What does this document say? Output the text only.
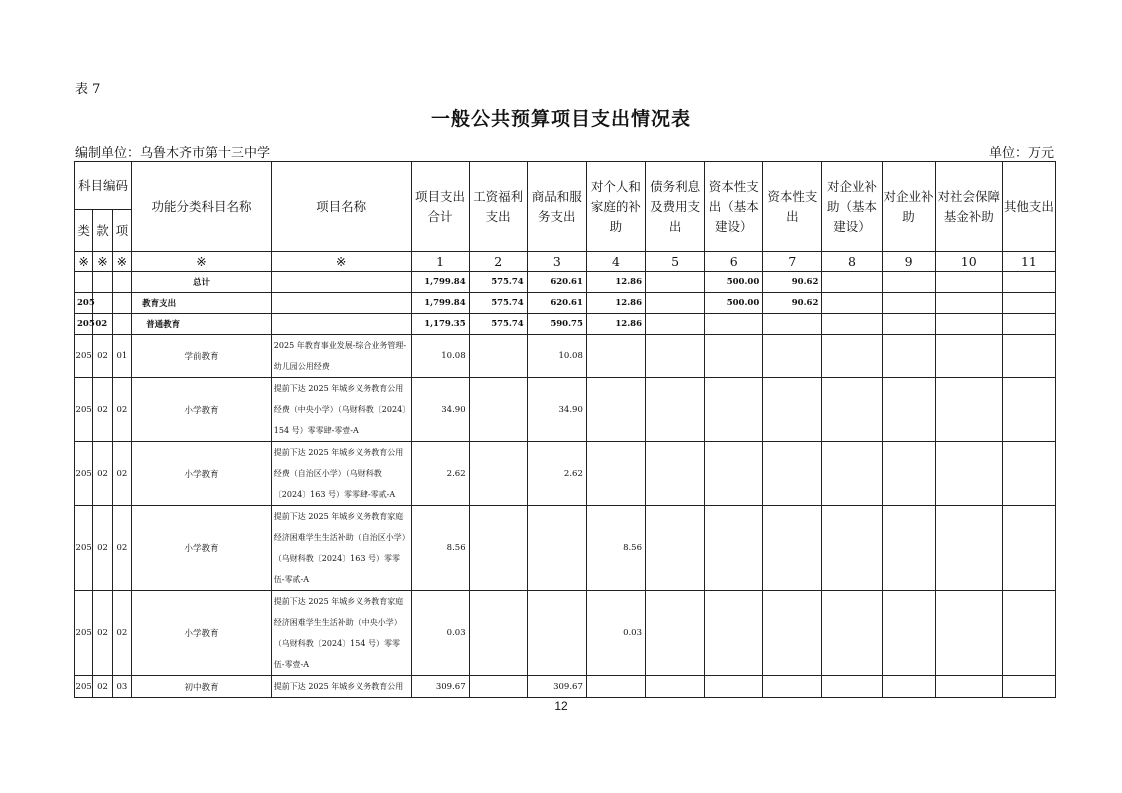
表 7
一般公共预算项目支出情况表
编制单位：乌鲁木齐市第十三中学	单位：万元
科目编码			功能分类科目名称	项目名称	项目支出合计	工资福利支出	商品和服务支出	对个人和家庭的补助	债务利息及费用支出	资本性支出（基本建设）	资本性支出	对企业补助（基本建设）	对企业补助	对社会保障基金补助	其他支出
类	款	项													
※	※	※	※	※	1	2	3	4	5	6	7	8	9	10	11
			总计		1,799.84	575.74	620.61	12.86		500.00	90.62				
205			教育支出		1,799.84	575.74	620.61	12.86		500.00	90.62				
205	02		普通教育		1,179.35	575.74	590.75	12.86							
205	02	01	学前教育	2025 年教育事业发展-综合业务管理-幼儿园公用经费	10.08		10.08								
205	02	02	小学教育	提前下达 2025 年城乡义务教育公用经费（中央小学）（乌财科教〔2024〕154 号）零零肆-零壹-A	34.90		34.90								
205	02	02	小学教育	提前下达 2025 年城乡义务教育公用经费（自治区小学）（乌财科教〔2024〕163 号）零零肆-零贰-A	2.62		2.62								
205	02	02	小学教育	提前下达 2025 年城乡义务教育家庭经济困难学生生活补助（自治区小学）（乌财科教〔2024〕163 号）零零伍-零贰-A	8.56			8.56							
205	02	02	小学教育	提前下达 2025 年城乡义务教育家庭经济困难学生生活补助（中央小学）（乌财科教〔2024〕154 号）零零伍-零壹-A	0.03			0.03							
205	02	03	初中教育	提前下达 2025 年城乡义务教育公用	309.67		309.67								
12
